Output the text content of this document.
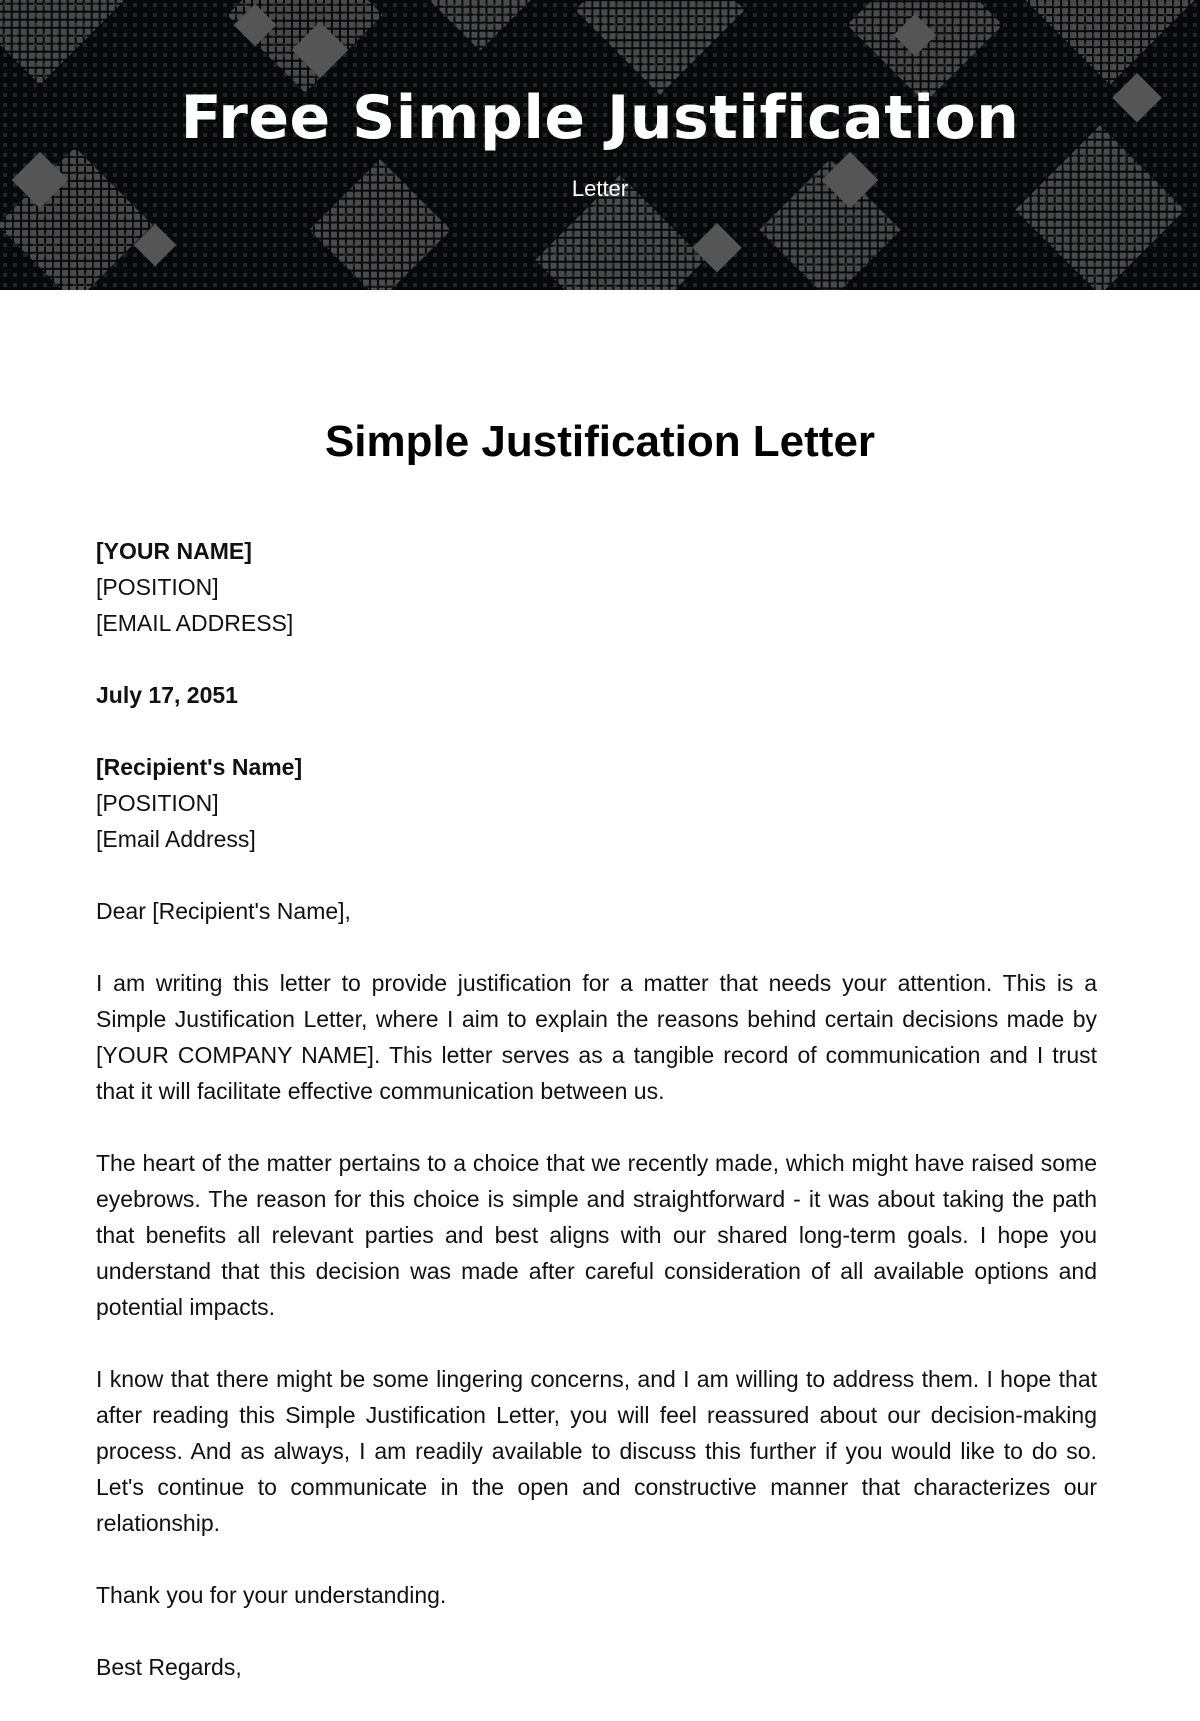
Free Simple Justification
Letter
Simple Justification Letter
[YOUR NAME]
[POSITION]
[EMAIL ADDRESS]
July 17, 2051
[Recipient's Name]
[POSITION]
[Email Address]

Dear [Recipient's Name],

I am writing this letter to provide justification for a matter that needs your attention. This is a Simple Justification Letter, where I aim to explain the reasons behind certain decisions made by [YOUR COMPANY NAME]. This letter serves as a tangible record of communication and I trust that it will facilitate effective communication between us.

The heart of the matter pertains to a choice that we recently made, which might have raised some eyebrows. The reason for this choice is simple and straightforward - it was about taking the path that benefits all relevant parties and best aligns with our shared long-term goals. I hope you understand that this decision was made after careful consideration of all available options and potential impacts.

I know that there might be some lingering concerns, and I am willing to address them. I hope that after reading this Simple Justification Letter, you will feel reassured about our decision-making process. And as always, I am readily available to discuss this further if you would like to do so. Let's continue to communicate in the open and constructive manner that characterizes our relationship.

Thank you for your understanding.

Best Regards,
